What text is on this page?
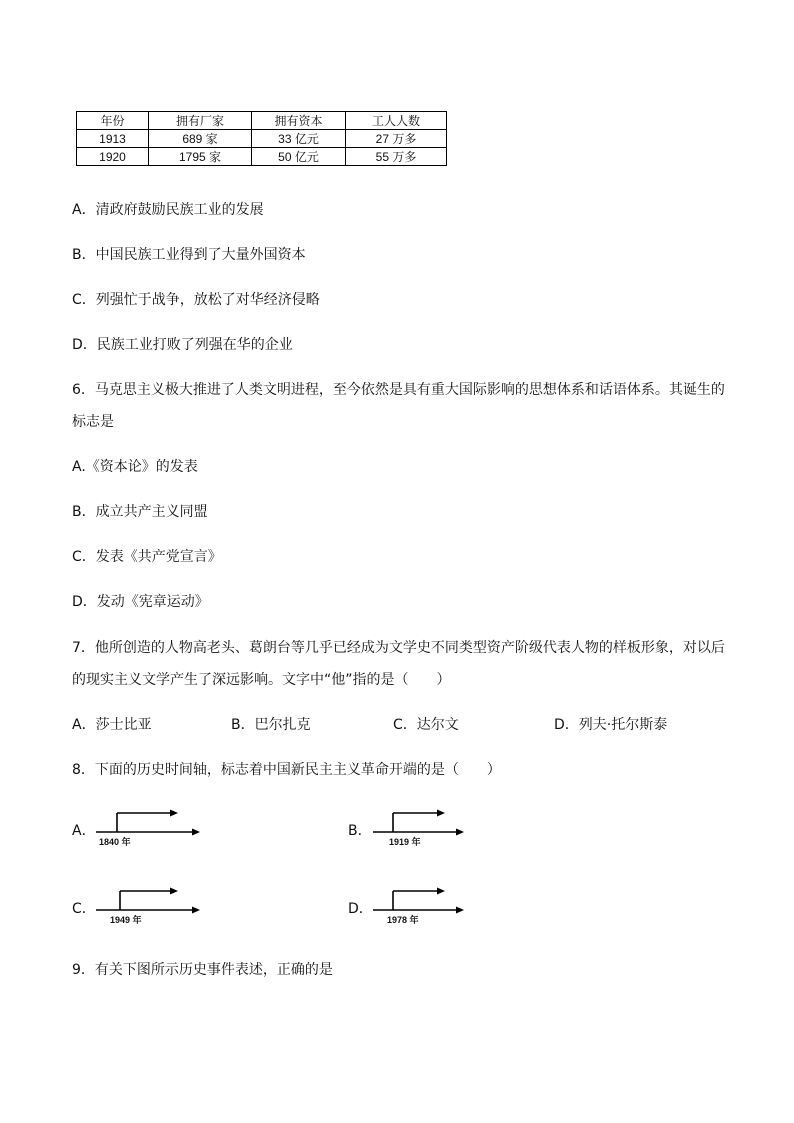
年份	拥有厂家	拥有资本	工人人数
1913	689 家	33 亿元	27 万多
1920	1795 家	50 亿元	55 万多
A．清政府鼓励民族工业的发展
B．中国民族工业得到了大量外国资本
C．列强忙于战争，放松了对华经济侵略
D．民族工业打败了列强在华的企业
6．马克思主义极大推进了人类文明进程，至今依然是具有重大国际影响的思想体系和话语体系。其诞生的
标志是
A.《资本论》的发表
B．成立共产主义同盟
C．发表《共产党宣言》
D．发动《宪章运动》
7．他所创造的人物高老头、葛朗台等几乎已经成为文学史不同类型资产阶级代表人物的样板形象，对以后
的现实主义文学产生了深远影响。文字中“他”指的是（　　）
A．莎士比亚	B．巴尔扎克	C．达尔文	D．列夫·托尔斯泰
8．下面的历史时间轴，标志着中国新民主主义革命开端的是（　　）
A．
1840 年
B．
1919 年
C．
1949 年
D．
1978 年
9．有关下图所示历史事件表述，正确的是
